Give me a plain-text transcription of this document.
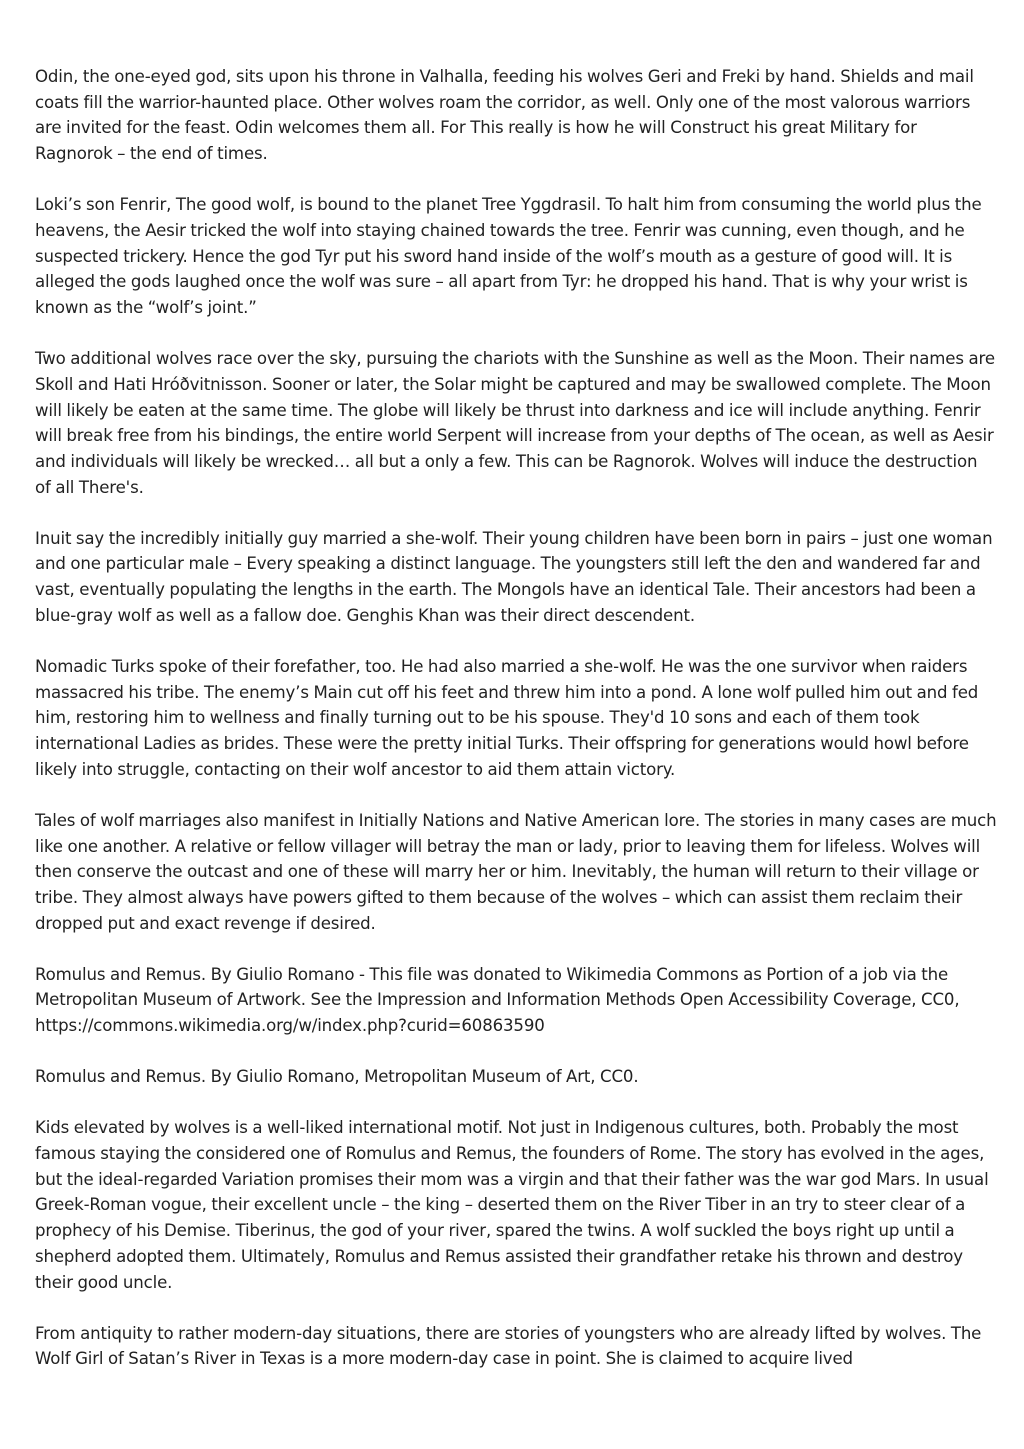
Odin, the one-eyed god, sits upon his throne in Valhalla, feeding his wolves Geri and Freki by hand. Shields and mail coats fill the warrior-haunted place. Other wolves roam the corridor, as well. Only one of the most valorous warriors are invited for the feast. Odin welcomes them all. For This really is how he will Construct his great Military for Ragnorok – the end of times.

Loki’s son Fenrir, The good wolf, is bound to the planet Tree Yggdrasil. To halt him from consuming the world plus the heavens, the Aesir tricked the wolf into staying chained towards the tree. Fenrir was cunning, even though, and he suspected trickery. Hence the god Tyr put his sword hand inside of the wolf’s mouth as a gesture of good will. It is alleged the gods laughed once the wolf was sure – all apart from Tyr: he dropped his hand. That is why your wrist is known as the “wolf’s joint.”

Two additional wolves race over the sky, pursuing the chariots with the Sunshine as well as the Moon. Their names are Skoll and Hati Hróðvitnisson. Sooner or later, the Solar might be captured and may be swallowed complete. The Moon will likely be eaten at the same time. The globe will likely be thrust into darkness and ice will include anything. Fenrir will break free from his bindings, the entire world Serpent will increase from your depths of The ocean, as well as Aesir and individuals will likely be wrecked… all but a only a few. This can be Ragnorok. Wolves will induce the destruction of all There's.

Inuit say the incredibly initially guy married a she-wolf. Their young children have been born in pairs – just one woman and one particular male – Every speaking a distinct language. The youngsters still left the den and wandered far and vast, eventually populating the lengths in the earth. The Mongols have an identical Tale. Their ancestors had been a blue-gray wolf as well as a fallow doe. Genghis Khan was their direct descendent.

Nomadic Turks spoke of their forefather, too. He had also married a she-wolf. He was the one survivor when raiders massacred his tribe. The enemy’s Main cut off his feet and threw him into a pond. A lone wolf pulled him out and fed him, restoring him to wellness and finally turning out to be his spouse. They'd 10 sons and each of them took international Ladies as brides. These were the pretty initial Turks. Their offspring for generations would howl before likely into struggle, contacting on their wolf ancestor to aid them attain victory.

Tales of wolf marriages also manifest in Initially Nations and Native American lore. The stories in many cases are much like one another. A relative or fellow villager will betray the man or lady, prior to leaving them for lifeless. Wolves will then conserve the outcast and one of these will marry her or him. Inevitably, the human will return to their village or tribe. They almost always have powers gifted to them because of the wolves – which can assist them reclaim their dropped put and exact revenge if desired.

Romulus and Remus. By Giulio Romano - This file was donated to Wikimedia Commons as Portion of a job via the Metropolitan Museum of Artwork. See the Impression and Information Methods Open Accessibility Coverage, CC0, https://commons.wikimedia.org/w/index.php?curid=60863590

Romulus and Remus. By Giulio Romano, Metropolitan Museum of Art, CC0.

Kids elevated by wolves is a well-liked international motif. Not just in Indigenous cultures, both. Probably the most famous staying the considered one of Romulus and Remus, the founders of Rome. The story has evolved in the ages, but the ideal-regarded Variation promises their mom was a virgin and that their father was the war god Mars. In usual Greek-Roman vogue, their excellent uncle – the king – deserted them on the River Tiber in an try to steer clear of a prophecy of his Demise. Tiberinus, the god of your river, spared the twins. A wolf suckled the boys right up until a shepherd adopted them. Ultimately, Romulus and Remus assisted their grandfather retake his thrown and destroy their good uncle.

From antiquity to rather modern-day situations, there are stories of youngsters who are already lifted by wolves. The Wolf Girl of Satan’s River in Texas is a more modern-day case in point. She is claimed to acquire lived
